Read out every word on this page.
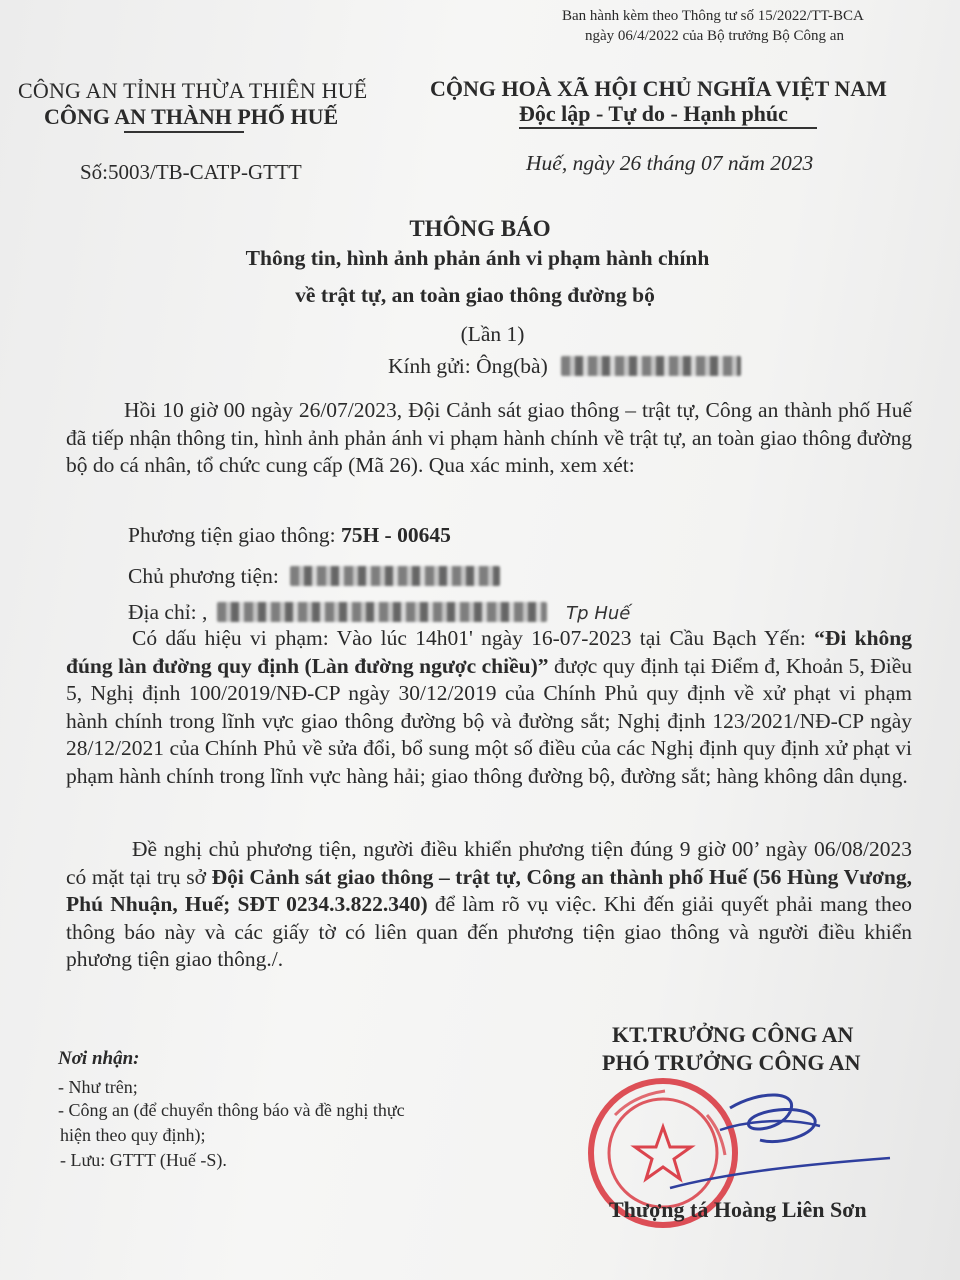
Ban hành kèm theo Thông tư số 15/2022/TT-BCA
ngày 06/4/2022 của Bộ trưởng Bộ Công an
CÔNG AN TỈNH THỪA THIÊN HUẾ
CÔNG AN THÀNH PHỐ HUẾ
CỘNG HOÀ XÃ HỘI CHỦ NGHĨA VIỆT NAM
Độc lập - Tự do - Hạnh phúc
Số:5003/TB-CATP-GTTT	Huế, ngày 26 tháng 07 năm 2023
THÔNG BÁO
Thông tin, hình ảnh phản ánh vi phạm hành chính
về trật tự, an toàn giao thông đường bộ
(Lần 1)
Kính gửi: Ông(bà)
Hồi 10 giờ 00 ngày 26/07/2023, Đội Cảnh sát giao thông – trật tự, Công an thành phố Huế đã tiếp nhận thông tin, hình ảnh phản ánh vi phạm hành chính về trật tự, an toàn giao thông đường bộ do cá nhân, tổ chức cung cấp (Mã 26). Qua xác minh, xem xét:
Phương tiện giao thông: 75H - 00645
Chủ phương tiện:
Địa chỉ: ,	Tp Huế
Có dấu hiệu vi phạm: Vào lúc 14h01' ngày 16-07-2023 tại Cầu Bạch Yến: “Đi không đúng làn đường quy định (Làn đường ngược chiều)” được quy định tại Điểm đ, Khoản 5, Điều 5, Nghị định 100/2019/NĐ-CP ngày 30/12/2019 của Chính Phủ quy định về xử phạt vi phạm hành chính trong lĩnh vực giao thông đường bộ và đường sắt; Nghị định 123/2021/NĐ-CP ngày 28/12/2021 của Chính Phủ về sửa đổi, bổ sung một số điều của các Nghị định quy định xử phạt vi phạm hành chính trong lĩnh vực hàng hải; giao thông đường bộ, đường sắt; hàng không dân dụng.
Đề nghị chủ phương tiện, người điều khiển phương tiện đúng 9 giờ 00’ ngày 06/08/2023 có mặt tại trụ sở Đội Cảnh sát giao thông – trật tự, Công an thành phố Huế (56 Hùng Vương, Phú Nhuận, Huế; SĐT 0234.3.822.340) để làm rõ vụ việc. Khi đến giải quyết phải mang theo thông báo này và các giấy tờ có liên quan đến phương tiện giao thông và người điều khiển phương tiện giao thông./.
Nơi nhận:
- Như trên;
- Công an (để chuyển thông báo và đề nghị thực
hiện theo quy định);
- Lưu: GTTT (Huế -S).
KT.TRƯỞNG CÔNG AN
PHÓ TRƯỞNG CÔNG AN
Thượng tá Hoàng Liên Sơn
